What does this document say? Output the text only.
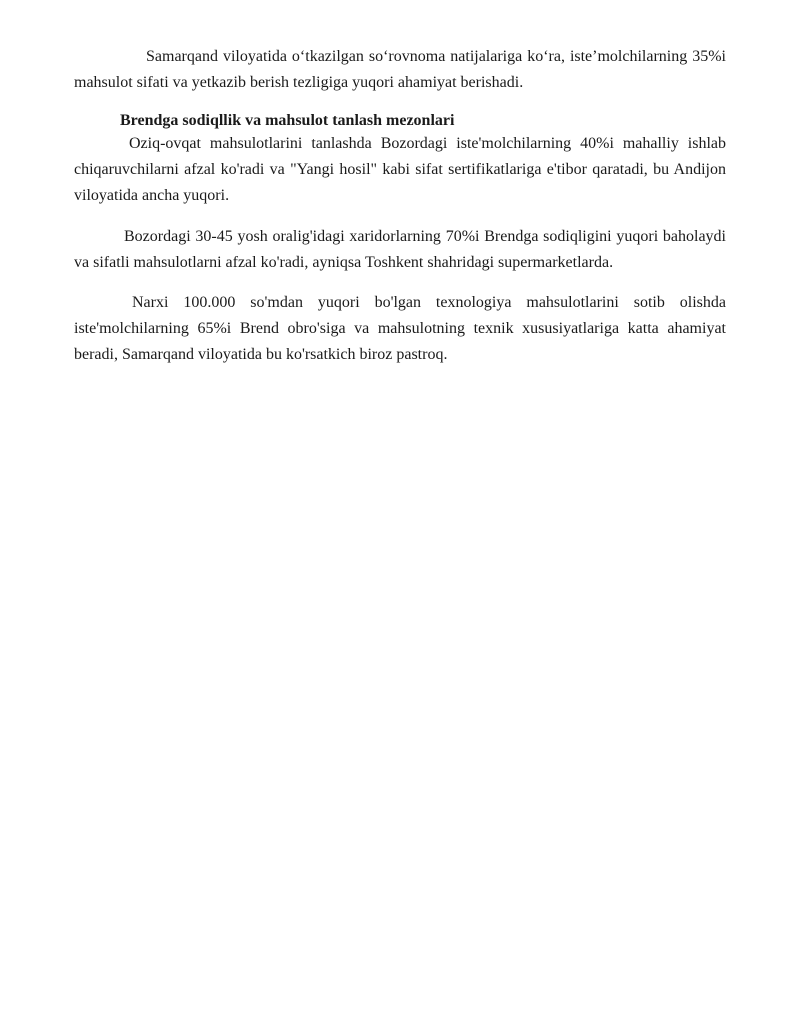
Samarqand viloyatida o‘tkazilgan so‘rovnoma natijalariga ko‘ra, iste’molchilarning 35%i mahsulot sifati va yetkazib berish tezligiga yuqori ahamiyat berishadi.

Brendga sodiqllik va mahsulot tanlash mezonlari

Oziq-ovqat mahsulotlarini tanlashda Bozordagi iste'molchilarning 40%i mahalliy ishlab chiqaruvchilarni afzal ko'radi va "Yangi hosil" kabi sifat sertifikatlariga e'tibor qaratadi, bu Andijon viloyatida ancha yuqori.

Bozordagi 30-45 yosh oralig'idagi xaridorlarning 70%i Brendga sodiqligini yuqori baholaydi va sifatli mahsulotlarni afzal ko'radi, ayniqsa Toshkent shahridagi supermarketlarda.

Narxi 100.000 so'mdan yuqori bo'lgan texnologiya mahsulotlarini sotib olishda iste'molchilarning 65%i Brend obro'siga va mahsulotning texnik xususiyatlariga katta ahamiyat beradi, Samarqand viloyatida bu ko'rsatkich biroz pastroq.
